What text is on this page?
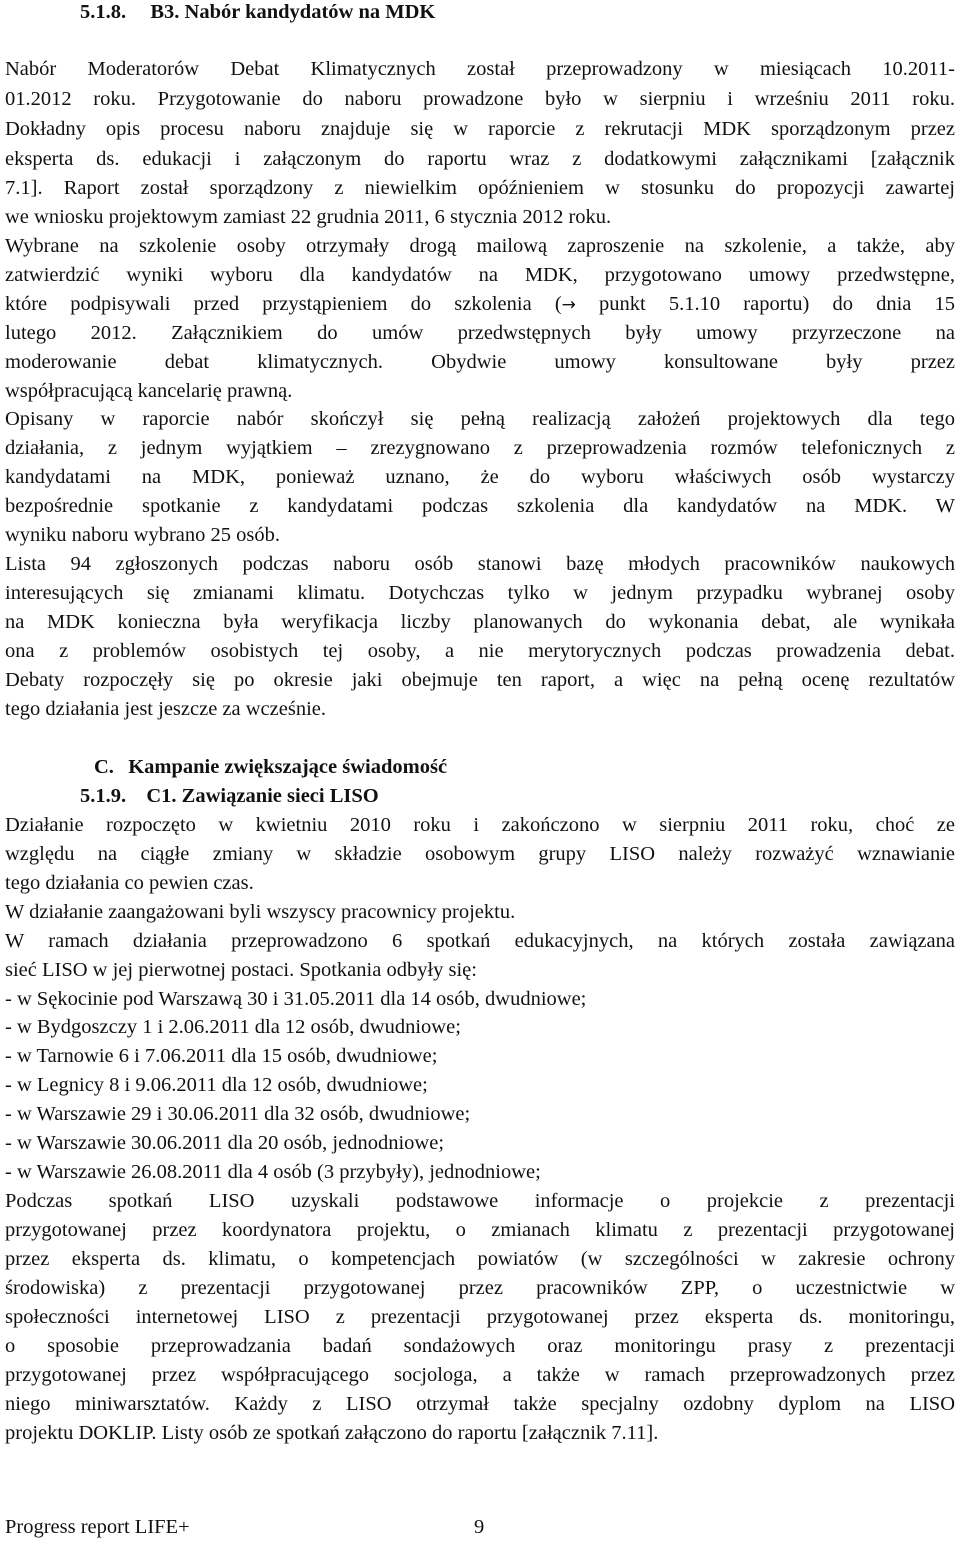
5.1.8. B3. Nabór kandydatów na MDK
Nabór Moderatorów Debat Klimatycznych został przeprowadzony w miesiącach 10.2011-
01.2012 roku. Przygotowanie do naboru prowadzone było w sierpniu i wrześniu 2011 roku.
Dokładny opis procesu naboru znajduje się w raporcie z rekrutacji MDK sporządzonym przez
eksperta ds. edukacji i załączonym do raportu wraz z dodatkowymi załącznikami [załącznik
7.1]. Raport został sporządzony z niewielkim opóźnieniem w stosunku do propozycji zawartej
we wniosku projektowym zamiast 22 grudnia 2011, 6 stycznia 2012 roku.
Wybrane na szkolenie osoby otrzymały drogą mailową zaproszenie na szkolenie, a także, aby
zatwierdzić wyniki wyboru dla kandydatów na MDK, przygotowano umowy przedwstępne,
które podpisywali przed przystąpieniem do szkolenia (→ punkt 5.1.10 raportu) do dnia 15
lutego 2012. Załącznikiem do umów przedwstępnych były umowy przyrzeczone na
moderowanie debat klimatycznych. Obydwie umowy konsultowane były przez
współpracującą kancelarię prawną.
Opisany w raporcie nabór skończył się pełną realizacją założeń projektowych dla tego
działania, z jednym wyjątkiem – zrezygnowano z przeprowadzenia rozmów telefonicznych z
kandydatami na MDK, ponieważ uznano, że do wyboru właściwych osób wystarczy
bezpośrednie spotkanie z kandydatami podczas szkolenia dla kandydatów na MDK. W
wyniku naboru wybrano 25 osób.
Lista 94 zgłoszonych podczas naboru osób stanowi bazę młodych pracowników naukowych
interesujących się zmianami klimatu. Dotychczas tylko w jednym przypadku wybranej osoby
na MDK konieczna była weryfikacja liczby planowanych do wykonania debat, ale wynikała
ona z problemów osobistych tej osoby, a nie merytorycznych podczas prowadzenia debat.
Debaty rozpoczęły się po okresie jaki obejmuje ten raport, a więc na pełną ocenę rezultatów
tego działania jest jeszcze za wcześnie.
C. Kampanie zwiększające świadomość
5.1.9. C1. Zawiązanie sieci LISO
Działanie rozpoczęto w kwietniu 2010 roku i zakończono w sierpniu 2011 roku, choć ze
względu na ciągłe zmiany w składzie osobowym grupy LISO należy rozważyć wznawianie
tego działania co pewien czas.
W działanie zaangażowani byli wszyscy pracownicy projektu.
W ramach działania przeprowadzono 6 spotkań edukacyjnych, na których została zawiązana
sieć LISO w jej pierwotnej postaci. Spotkania odbyły się:
- w Sękocinie pod Warszawą 30 i 31.05.2011 dla 14 osób, dwudniowe;
- w Bydgoszczy 1 i 2.06.2011 dla 12 osób, dwudniowe;
- w Tarnowie 6 i 7.06.2011 dla 15 osób, dwudniowe;
- w Legnicy 8 i 9.06.2011 dla 12 osób, dwudniowe;
- w Warszawie 29 i 30.06.2011 dla 32 osób, dwudniowe;
- w Warszawie 30.06.2011 dla 20 osób, jednodniowe;
- w Warszawie 26.08.2011 dla 4 osób (3 przybyły), jednodniowe;
Podczas spotkań LISO uzyskali podstawowe informacje o projekcie z prezentacji
przygotowanej przez koordynatora projektu, o zmianach klimatu z prezentacji przygotowanej
przez eksperta ds. klimatu, o kompetencjach powiatów (w szczególności w zakresie ochrony
środowiska) z prezentacji przygotowanej przez pracowników ZPP, o uczestnictwie w
społeczności internetowej LISO z prezentacji przygotowanej przez eksperta ds. monitoringu,
o sposobie przeprowadzania badań sondażowych oraz monitoringu prasy z prezentacji
przygotowanej przez współpracującego socjologa, a także w ramach przeprowadzonych przez
niego miniwarsztatów. Każdy z LISO otrzymał także specjalny ozdobny dyplom na LISO
projektu DOKLIP. Listy osób ze spotkań załączono do raportu [załącznik 7.11].
Progress report LIFE+	9
